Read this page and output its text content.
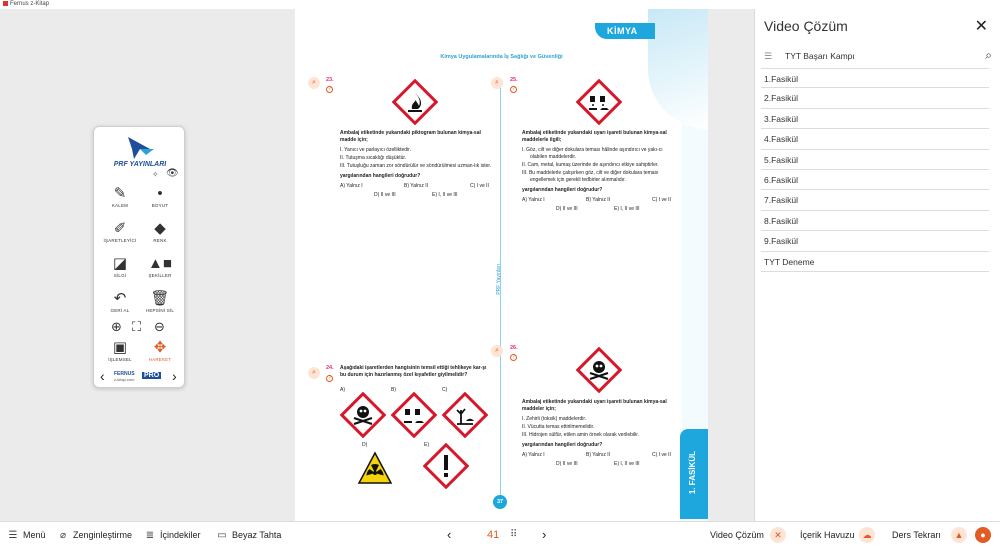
Fernus z-Kitap
PRF YAYINLARI
✧ 👁
✎
KALEM
•
BOYUT
✐
İŞARETLEYİCİ
◆
RENK
◪
SİLGİ
▲■
ŞEKİLLER
↶
GERİ AL
🗑
HEPSİNİ SİL
⊕ ⛶ ⊖
▣
İŞLEMSEL
✥
HAREKET
‹ FERNUS
z-kitap.com
PRO ›
KİMYA
Kimya Uygulamalarında İş Sağlığı ve Güvenliği
PRF Yayınları
⌕	23.
?
Ambalaj etiketinde yukarıdaki piktogram bulunan kimya-sal madde için;
I. Yanıcı ve parlayıcı özelliktedir.
II. Tutuşma sıcaklığı düşüktür.
III. Tutuşluğu zaman zor söndürülür ve söndürülmesi uzman-lık ister.
yargılarından hangileri doğrudur?
A) Yalnız I	B) Yalnız II	C) I ve II
D) II ve III	E) I, II ve III
⌕	25.
?
Ambalaj etiketinde yukarıdaki uyarı işareti bulunan kimya-sal maddelerle ilgili;
I. Göz, cilt ve diğer dokulara teması hâlinde aşındırıcı ve yakı-cı olabilen maddelerdir.
II. Cam, metal, kumaş üzerinde de aşındırıcı etkiye sahiptirler.
III. Bu maddelerle çalışırken göz, cilt ve diğer dokulara teması engellemek için gerekli tedbirler alınmalıdır.
yargılarından hangileri doğrudur?
A) Yalnız I	B) Yalnız II	C) I ve II
D) II ve III	E) I, II ve III
⌕
24.
?
Aşağıdaki işaretlerden hangisinin temsil ettiği tehlikeye kar-şı bu durum için hazırlanmış özel kıyafetler giyilmelidir?
A)	B)	C)
D)	E)
⌕	26.
?
Ambalaj etiketinde yukarıdaki uyarı işareti bulunan kimya-sal maddeler için;
I. Zehirli (toksik) maddelerdir.
II. Vücutta temas ettirilmemelidir.
III. Hidrojen sülfür, etilen amin örnek olarak verilebilir.
yargılarından hangileri doğrudur?
A) Yalnız I	B) Yalnız II	C) I ve II
D) II ve III	E) I, II ve III	1. FASİKÜL
37
Video Çözüm	✕
☰ TYT Başarı Kampı	⌕
1.Fasikül
2.Fasikül
3.Fasikül
4.Fasikül
5.Fasikül
6.Fasikül
7.Fasikül
8.Fasikül
9.Fasikül
TYT Deneme
☰ Menü	⌀ Zenginleştirme ≣ İçindekiler ▭ Beyaz Tahta	‹	41 ⠿ ›	Video Çözüm	✕	İçerik Havuzu ☁	Ders Tekrarı	▲	●
